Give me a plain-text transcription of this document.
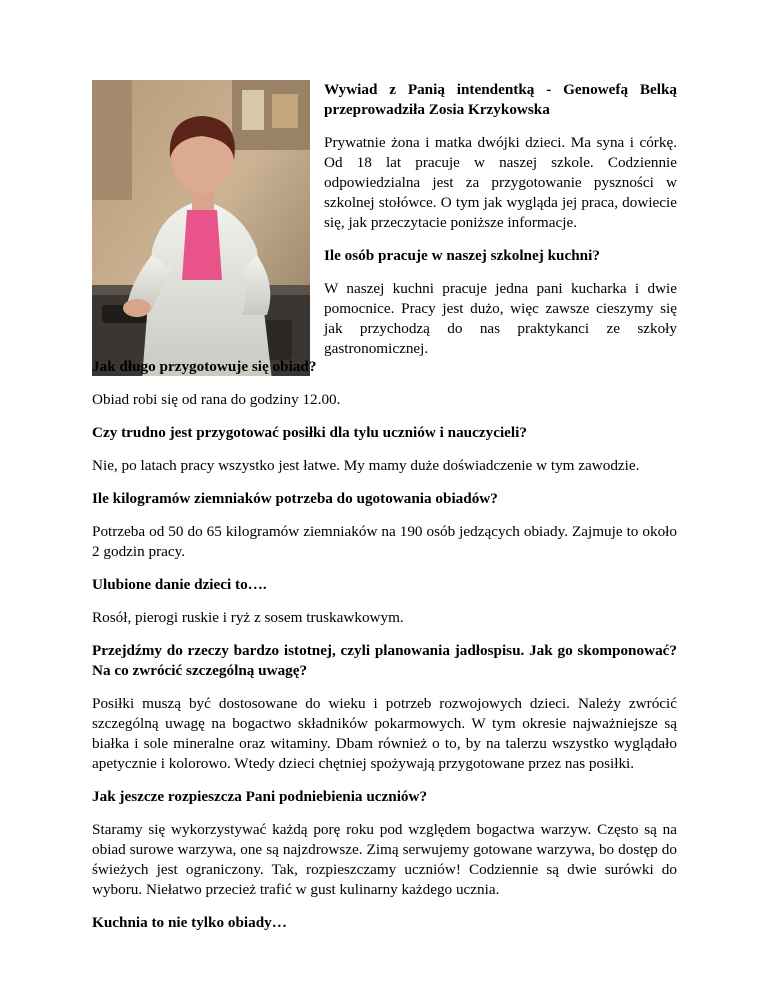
Wywiad z Panią intendentką - Genowefą Belką przeprowadziła Zosia Krzykowska

Prywatnie żona i matka dwójki dzieci. Ma syna i córkę. Od 18 lat pracuje w naszej szkole. Codziennie odpowiedzialna jest za przygotowanie pyszności w szkolnej stołówce. O tym jak wygląda jej praca, dowiecie się, jak przeczytacie poniższe informacje.

Ile osób pracuje w naszej szkolnej kuchni?

W naszej kuchni pracuje jedna pani kucharka i dwie pomocnice. Pracy jest dużo, więc zawsze cieszymy się jak przychodzą do nas praktykanci ze szkoły gastronomicznej.

Jak długo przygotowuje się obiad?

Obiad robi się od rana do godziny 12.00.

Czy trudno jest przygotować posiłki dla tylu uczniów i nauczycieli?

Nie, po latach pracy wszystko jest łatwe. My mamy duże doświadczenie w tym zawodzie.

Ile kilogramów ziemniaków potrzeba do ugotowania obiadów?

Potrzeba od 50 do 65 kilogramów ziemniaków na 190 osób jedzących obiady. Zajmuje to około 2 godzin pracy.

Ulubione danie dzieci to….

Rosół, pierogi ruskie i ryż z sosem truskawkowym.

Przejdźmy do rzeczy bardzo istotnej, czyli planowania jadłospisu. Jak go skomponować? Na co zwrócić szczególną uwagę?

Posiłki muszą być dostosowane do wieku i potrzeb rozwojowych dzieci. Należy zwrócić szczególną uwagę na bogactwo składników pokarmowych. W tym okresie najważniejsze są białka i sole mineralne oraz witaminy. Dbam również o to, by na talerzu wszystko wyglądało apetycznie i kolorowo. Wtedy dzieci chętniej spożywają przygotowane przez nas posiłki.

Jak jeszcze rozpieszcza Pani podniebienia uczniów?

Staramy się wykorzystywać każdą porę roku pod względem bogactwa warzyw. Często są na obiad surowe warzywa, one są najzdrowsze. Zimą serwujemy gotowane warzywa, bo dostęp do świeżych jest ograniczony. Tak, rozpieszczamy uczniów! Codziennie są dwie surówki do wyboru. Niełatwo przecież trafić w gust kulinarny każdego ucznia.

Kuchnia to nie tylko obiady…
